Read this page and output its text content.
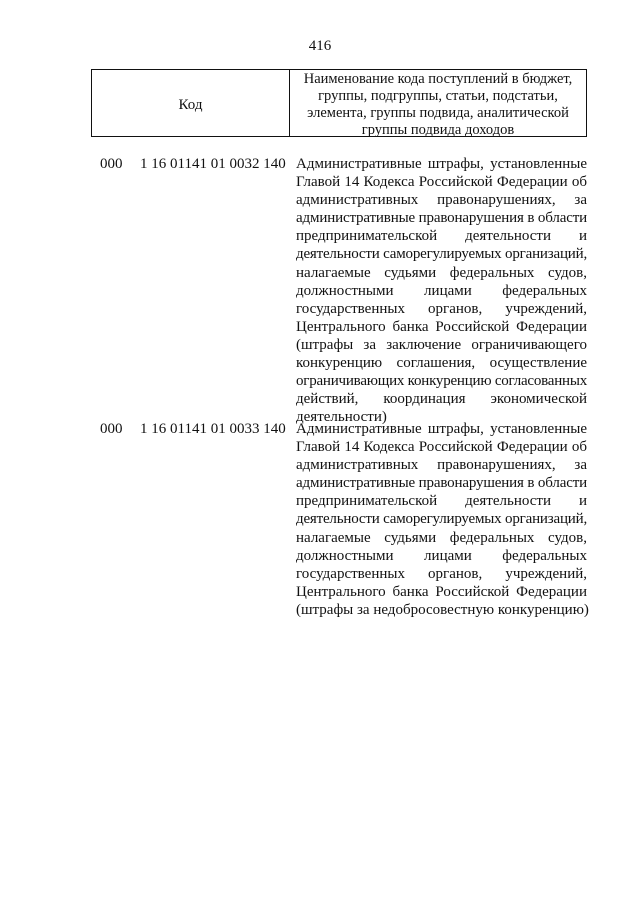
416
Код
Наименование кода поступлений в бюджет,
группы, подгруппы, статьи, подстатьи,
элемента, группы подвида, аналитической
группы подвида доходов
000 1 16 01141 01 0032 140 Административные штрафы, установленные
Главой 14 Кодекса Российской Федерации об
административных правонарушениях, за
административные правонарушения в области
предпринимательской деятельности и
деятельности саморегулируемых организаций,
налагаемые судьями федеральных судов,
должностными лицами федеральных
государственных органов, учреждений,
Центрального банка Российской Федерации
(штрафы за заключение ограничивающего
конкуренцию соглашения, осуществление
ограничивающих конкуренцию согласованных
действий, координация экономической
деятельности)
000 1 16 01141 01 0033 140 Административные штрафы, установленные
Главой 14 Кодекса Российской Федерации об
административных правонарушениях, за
административные правонарушения в области
предпринимательской деятельности и
деятельности саморегулируемых организаций,
налагаемые судьями федеральных судов,
должностными лицами федеральных
государственных органов, учреждений,
Центрального банка Российской Федерации
(штрафы за недобросовестную конкуренцию)
